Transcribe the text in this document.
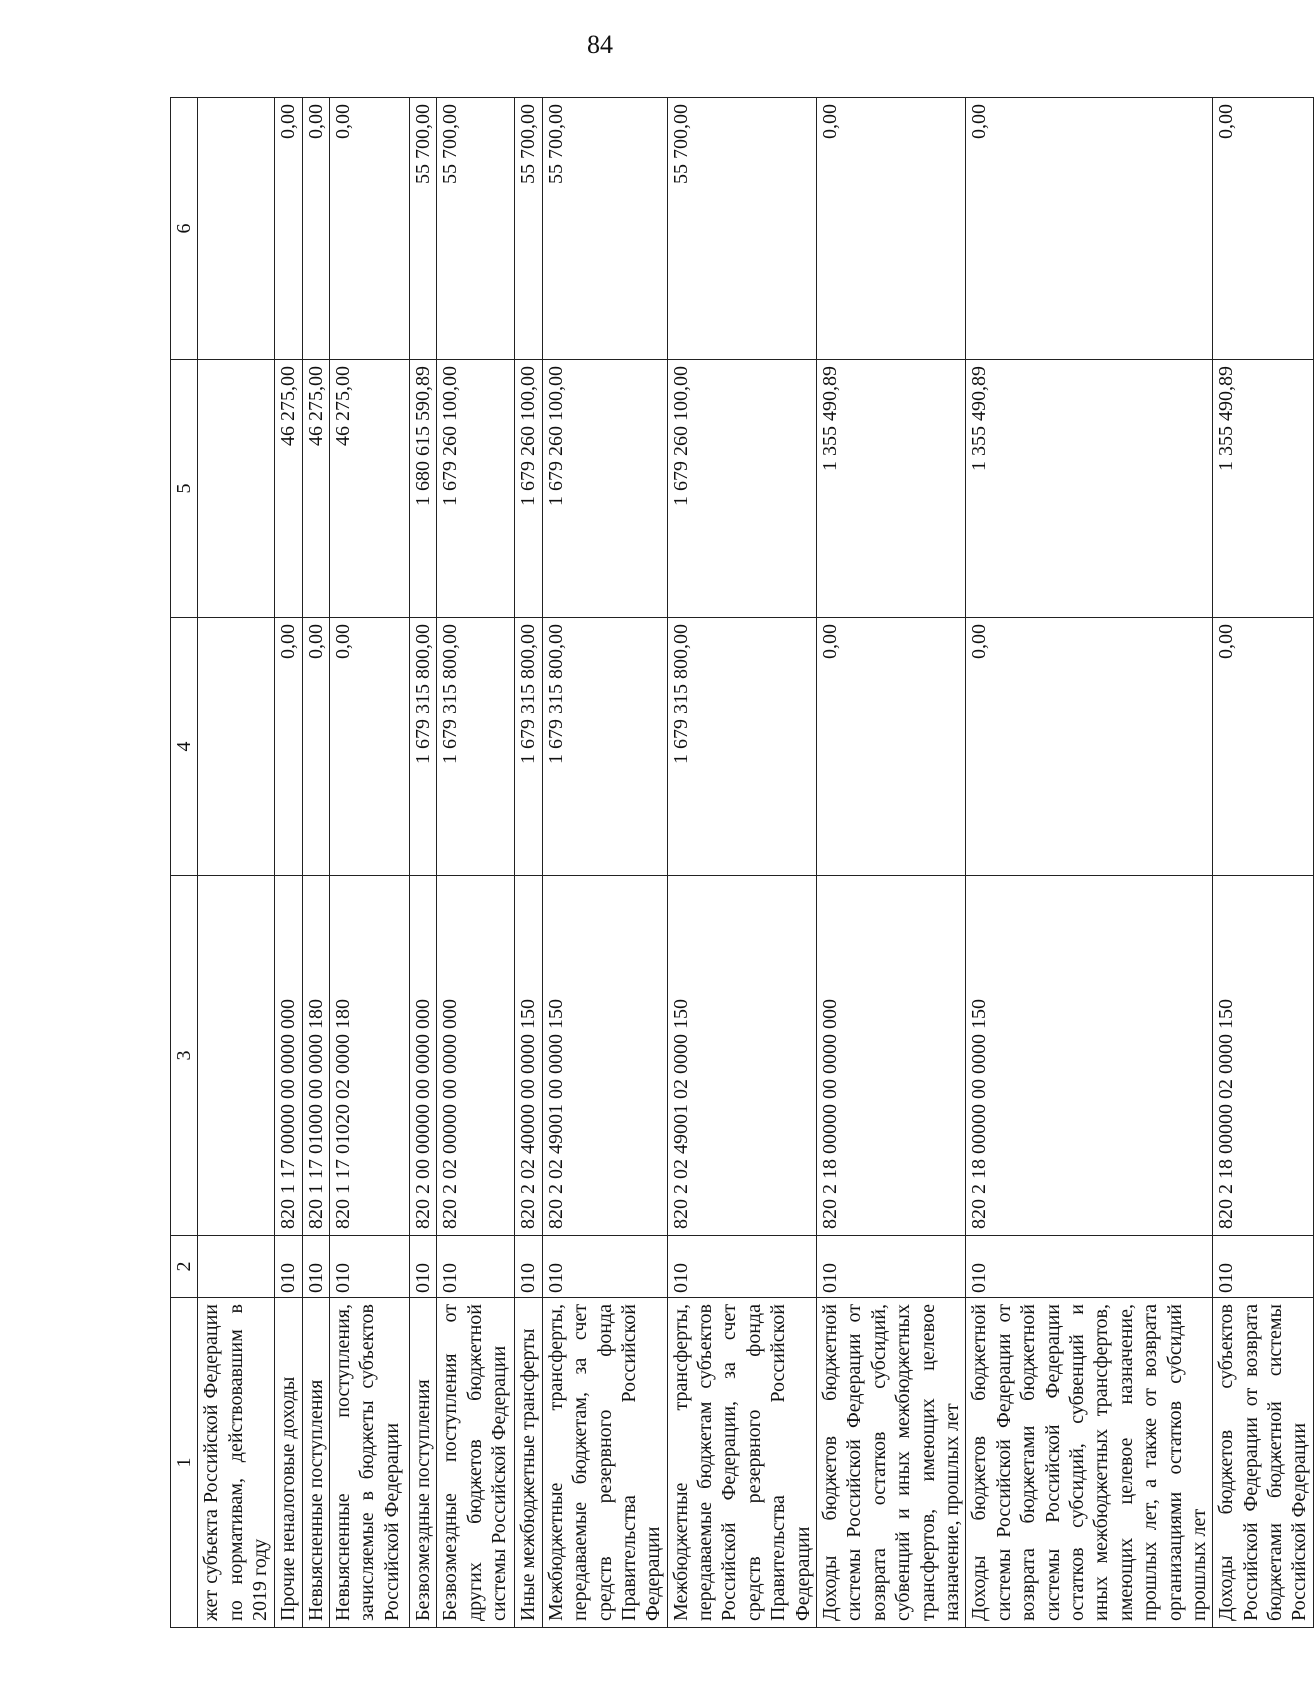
84
1	2	3	4	5	6
жет субъекта Российской Федерации по нормативам, действовавшим в 2019 году					
Прочие неналоговые доходы	010	820 1 17 00000 00 0000 000	0,00	46 275,00	0,00
Невыясненные поступления	010	820 1 17 01000 00 0000 180	0,00	46 275,00	0,00
Невыясненные поступления, зачисляемые в бюджеты субъектов Российской Федерации	010	820 1 17 01020 02 0000 180	0,00	46 275,00	0,00
Безвозмездные поступления	010	820 2 00 00000 00 0000 000	1 679 315 800,00	1 680 615 590,89	55 700,00
Безвозмездные поступления от других бюджетов бюджетной системы Российской Федерации	010	820 2 02 00000 00 0000 000	1 679 315 800,00	1 679 260 100,00	55 700,00
Иные межбюджетные трансферты	010	820 2 02 40000 00 0000 150	1 679 315 800,00	1 679 260 100,00	55 700,00
Межбюджетные трансферты, передаваемые бюджетам, за счет средств резервного фонда Правительства Российской Федерации	010	820 2 02 49001 00 0000 150	1 679 315 800,00	1 679 260 100,00	55 700,00
Межбюджетные трансферты, передаваемые бюджетам субъектов Российской Федерации, за счет средств резервного фонда Правительства Российской Федерации	010	820 2 02 49001 02 0000 150	1 679 315 800,00	1 679 260 100,00	55 700,00
Доходы бюджетов бюджетной системы Российской Федерации от возврата остатков субсидий, субвенций и иных межбюджетных трансфертов, имеющих целевое назначение, прошлых лет	010	820 2 18 00000 00 0000 000	0,00	1 355 490,89	0,00
Доходы бюджетов бюджетной системы Российской Федерации от возврата бюджетами бюджетной системы Российской Федерации остатков субсидий, субвенций и иных межбюджетных трансфертов, имеющих целевое назначение, прошлых лет, а также от возврата организациями остатков субсидий прошлых лет	010	820 2 18 00000 00 0000 150	0,00	1 355 490,89	0,00
Доходы бюджетов субъектов Российской Федерации от возврата бюджетами бюджетной системы Российской Федерации	010	820 2 18 00000 02 0000 150	0,00	1 355 490,89	0,00
